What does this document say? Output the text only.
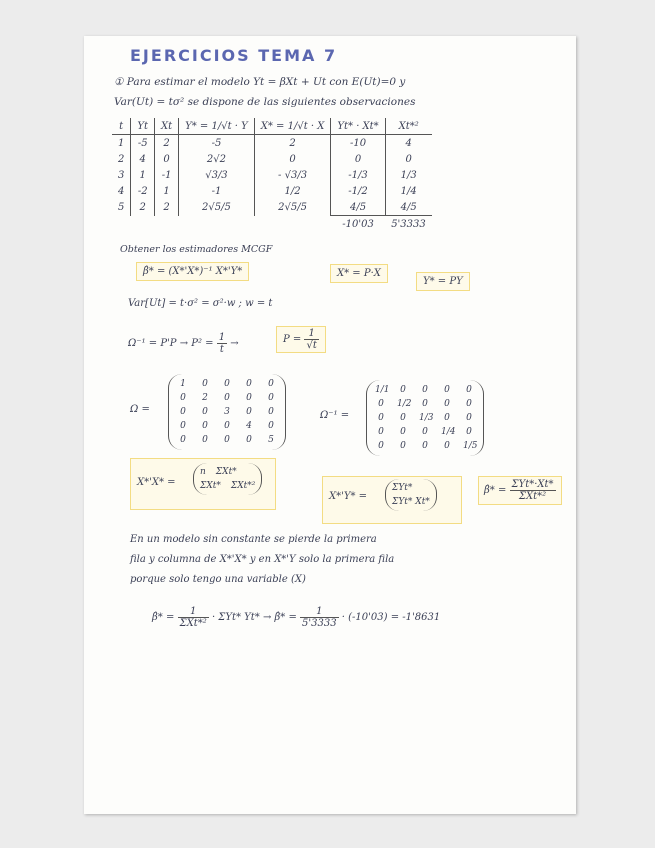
EJERCICIOS TEMA 7
① Para estimar el modelo Yt = βXt + Ut con E(Ut)=0 y
Var(Ut) = tσ² se dispone de las siguientes observaciones
t	Yt	Xt	Y* = 1/√t · Y	X* = 1/√t · X	Yt* · Xt*	Xt*²
1	-5	2	-5	2	-10	4
2	4	0	2√2	0	0	0
3	1	-1	√3/3	- √3/3	-1/3	1/3
4	-2	1	-1	1/2	-1/2	1/4
5	2	2	2√5/5	2√5/5	4/5	4/5
					-10'03	5'3333
Obtener los estimadores MCGF
β̂* = (X*'X*)⁻¹ X*'Y*	X* = P·X
Y* = PY
Var[Ut] = t·σ² = σ²·w ; w = t
$\Omega^{-1} = P'P \to P^2 = \frac{1}{t}$ →	$P = \frac{1}{√t}$
Ω =
1	0	0	0	0
0	2	0	0	0
0	0	3	0	0
0	0	0	4	0
0	0	0	0	5
Ω⁻¹ =
1/1	0	0	0	0
0	1/2	0	0	0
0	0	1/3	0	0
0	0	0	1/4	0
0	0	0	0	1/5
X*'X* =
n ΣXt*
ΣXt* ΣXt*²
X*'Y* =
ΣYt*
ΣYt* Xt*
β̂* = $\frac{\text{ΣYt*·Xt*}}{\text{ΣXt*²}}$
En un modelo sin constante se pierde la primera
fila y columna de X*'X* y en X*'Y solo la primera fila
porque solo tengo una variable (X)
β̂* = $\frac{1}{\text{ΣXt*²}} \cdot \Sigma Yt*$ Yt* → β̂* = $\frac{1}{5'3333} \cdot (-10'03) = -1'8631$
